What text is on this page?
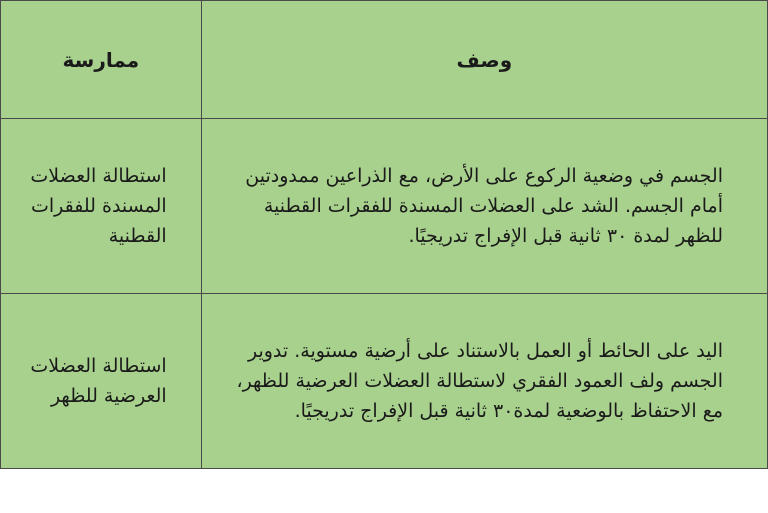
ممارسة	وصف

استطالة العضلات المسندة للفقرات القطنية	الجسم في وضعية الركوع على الأرض، مع الذراعين ممدودتين أمام الجسم. الشد على العضلات المسندة للفقرات القطنية للظهر لمدة ٣٠ ثانية قبل الإفراج تدريجيًا.

استطالة العضلات العرضية للظهر	اليد على الحائط أو العمل بالاستناد على أرضية مستوية. تدوير الجسم ولف العمود الفقري لاستطالة العضلات العرضية للظهر، مع الاحتفاظ بالوضعية لمدة٣٠ ثانية قبل الإفراج تدريجيًا.
